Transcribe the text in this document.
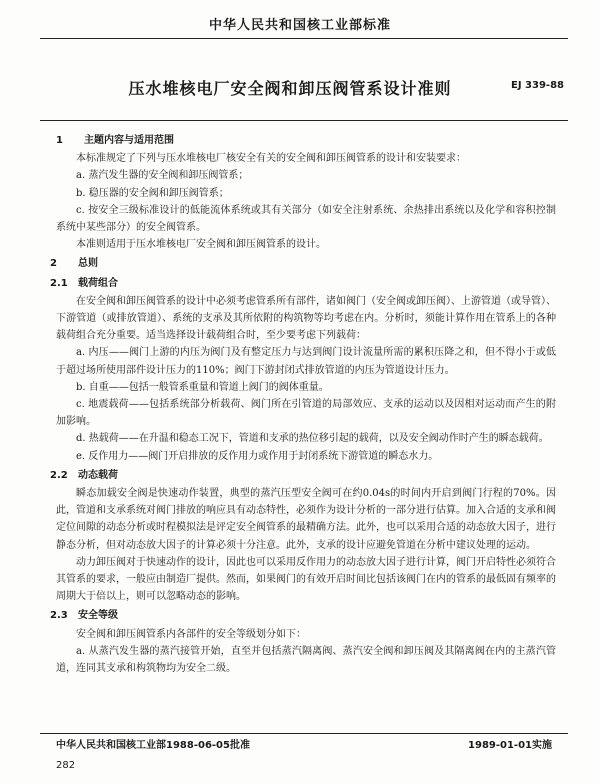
中华人民共和国核工业部标准
压水堆核电厂安全阀和卸压阀管系设计准则	EJ 339-88
1 主题内容与适用范围
本标准规定了下列与压水堆核电厂核安全有关的安全阀和卸压阀管系的设计和安装要求：
a. 蒸汽发生器的安全阀和卸压阀管系；
b. 稳压器的安全阀和卸压阀管系；
c. 按安全三级标准设计的低能流体系统或其有关部分（如安全注射系统、余热排出系统以及化学和容积控制系统中某些部分）的安全阀管系。
本准则适用于压水堆核电厂安全阀和卸压阀管系的设计。
2 总则
2.1 载荷组合
在安全阀和卸压阀管系的设计中必须考虑管系所有部件，诸如阀门（安全阀或卸压阀）、上游管道（或导管）、下游管道（或排放管道）、系统的支承及其所依附的构筑物等均考虑在内。分析时，须能计算作用在管系上的各种载荷组合充分重要。适当选择设计载荷组合时，至少要考虑下列载荷：
a. 内压——阀门上游的内压为阀门及有整定压力与达到阀门设计流量所需的累积压降之和，但不得小于或低于超过场所使用部件设计压力的110%；阀门下游封闭式排放管道的内压为管道设计压力。
b. 自重——包括一般管系重量和管道上阀门的阀体重量。
c. 地震载荷——包括系统部分析载荷、阀门所在引管道的局部效应、支承的运动以及因相对运动而产生的附加影响。
d. 热载荷——在升温和稳态工况下，管道和支承的热位移引起的载荷，以及安全阀动作时产生的瞬态载荷。
e. 反作用力——阀门开启排放的反作用力或作用于封闭系统下游管道的瞬态水力。
2.2 动态载荷
瞬态加载安全阀是快速动作装置，典型的蒸汽压型安全阀可在约0.04s的时间内开启到阀门行程的70%。因此，管道和支承系统对阀门排放的响应具有动态特性，必须作为设计分析的一部分进行估算。加入合适的支承和阀定位间隙的动态分析或时程模拟法是评定安全阀管系的最精确方法。此外，也可以采用合适的动态放大因子，进行静态分析，但对动态放大因子的计算必须十分注意。此外，支承的设计应避免管道在分析中建议处理的运动。
动力卸压阀对于快速动作的设计，因此也可以采用反作用力的动态放大因子进行计算，阀门开启特性必须符合其管系的要求，一般应由制造厂提供。然而，如果阀门的有效开启时间比包括该阀门在内的管系的最低固有频率的周期大于倍以上，则可以忽略动态的影响。
2.3 安全等级
安全阀和卸压阀管系内各部件的安全等级划分如下：
a. 从蒸汽发生器的蒸汽接管开始，直至并包括蒸汽隔离阀、蒸汽安全阀和卸压阀及其隔离阀在内的主蒸汽管道，连同其支承和构筑物均为安全二级。
中华人民共和国核工业部1988-06-05批准	1989-01-01实施
282
